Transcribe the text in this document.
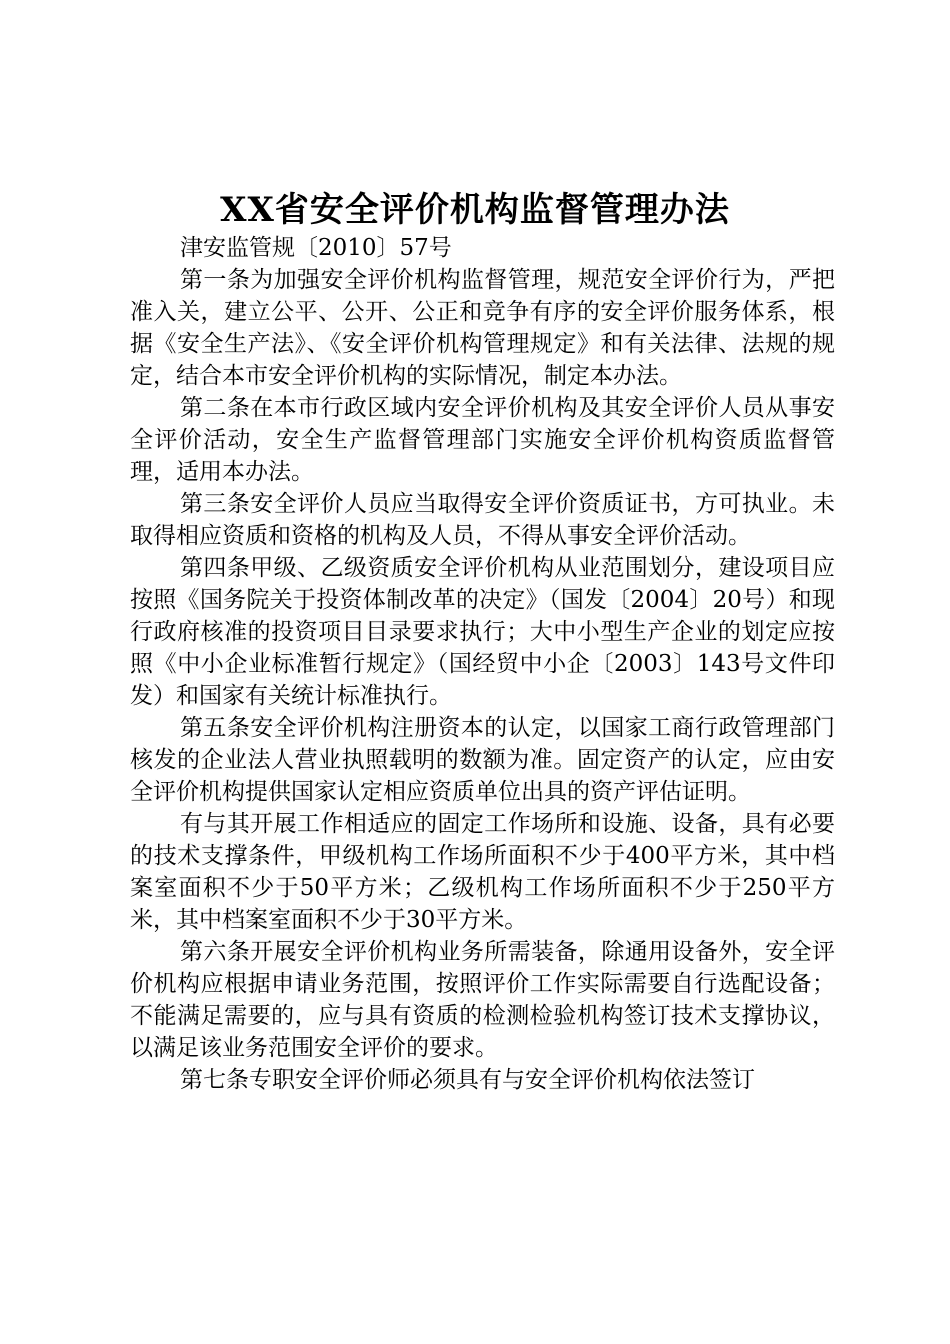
XX省安全评价机构监督管理办法

津安监管规〔2010〕57号

第一条为加强安全评价机构监督管理，规范安全评价行为，严把准入关，建立公平、公开、公正和竞争有序的安全评价服务体系，根据《安全生产法》、《安全评价机构管理规定》和有关法律、法规的规定，结合本市安全评价机构的实际情况，制定本办法。

第二条在本市行政区域内安全评价机构及其安全评价人员从事安全评价活动，安全生产监督管理部门实施安全评价机构资质监督管理，适用本办法。

第三条安全评价人员应当取得安全评价资质证书，方可执业。未取得相应资质和资格的机构及人员，不得从事安全评价活动。

第四条甲级、乙级资质安全评价机构从业范围划分，建设项目应按照《国务院关于投资体制改革的决定》（国发〔2004〕20号）和现行政府核准的投资项目目录要求执行；大中小型生产企业的划定应按照《中小企业标准暂行规定》（国经贸中小企〔2003〕143号文件印发）和国家有关统计标准执行。

第五条安全评价机构注册资本的认定，以国家工商行政管理部门核发的企业法人营业执照载明的数额为准。固定资产的认定，应由安全评价机构提供国家认定相应资质单位出具的资产评估证明。

有与其开展工作相适应的固定工作场所和设施、设备，具有必要的技术支撑条件，甲级机构工作场所面积不少于400平方米，其中档案室面积不少于50平方米；乙级机构工作场所面积不少于250平方米，其中档案室面积不少于30平方米。

第六条开展安全评价机构业务所需装备，除通用设备外，安全评价机构应根据申请业务范围，按照评价工作实际需要自行选配设备；不能满足需要的，应与具有资质的检测检验机构签订技术支撑协议，以满足该业务范围安全评价的要求。

第七条专职安全评价师必须具有与安全评价机构依法签订
